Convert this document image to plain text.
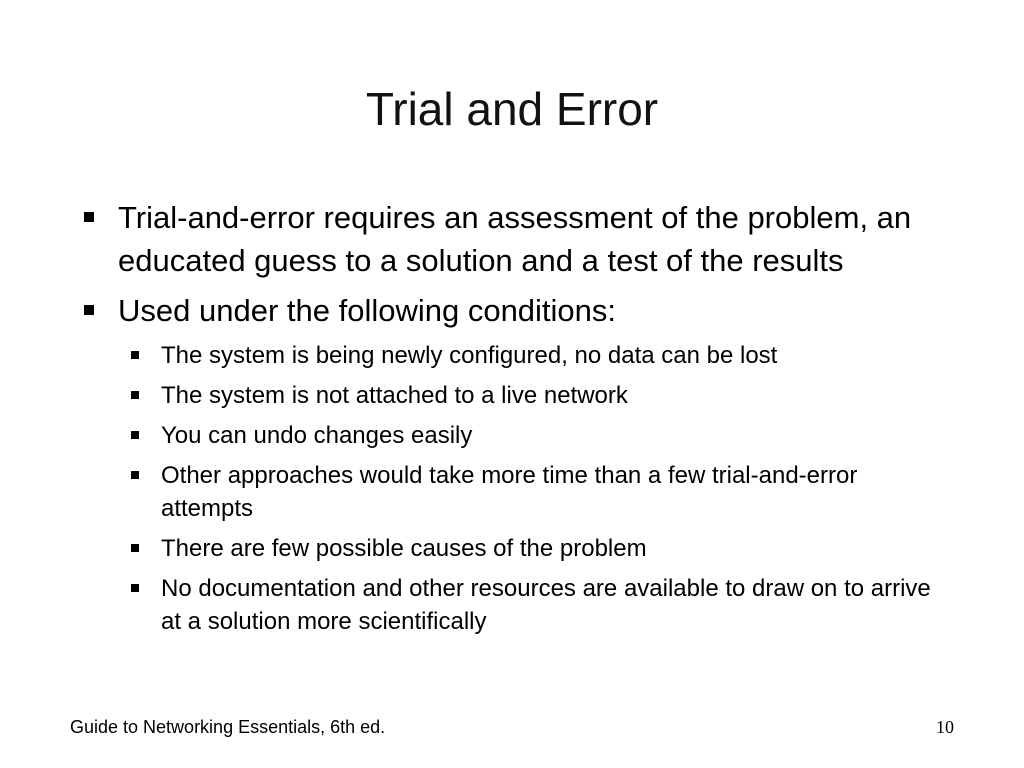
Trial and Error
Trial-and-error requires an assessment of the problem, an educated guess to a solution and a test of the results
Used under the following conditions:
The system is being newly configured, no data can be lost
The system is not attached to a live network
You can undo changes easily
Other approaches would take more time than a few trial-and-error attempts
There are few possible causes of the problem
No documentation and other resources are available to draw on to arrive at a solution more scientifically
Guide to Networking Essentials, 6th ed.	10
